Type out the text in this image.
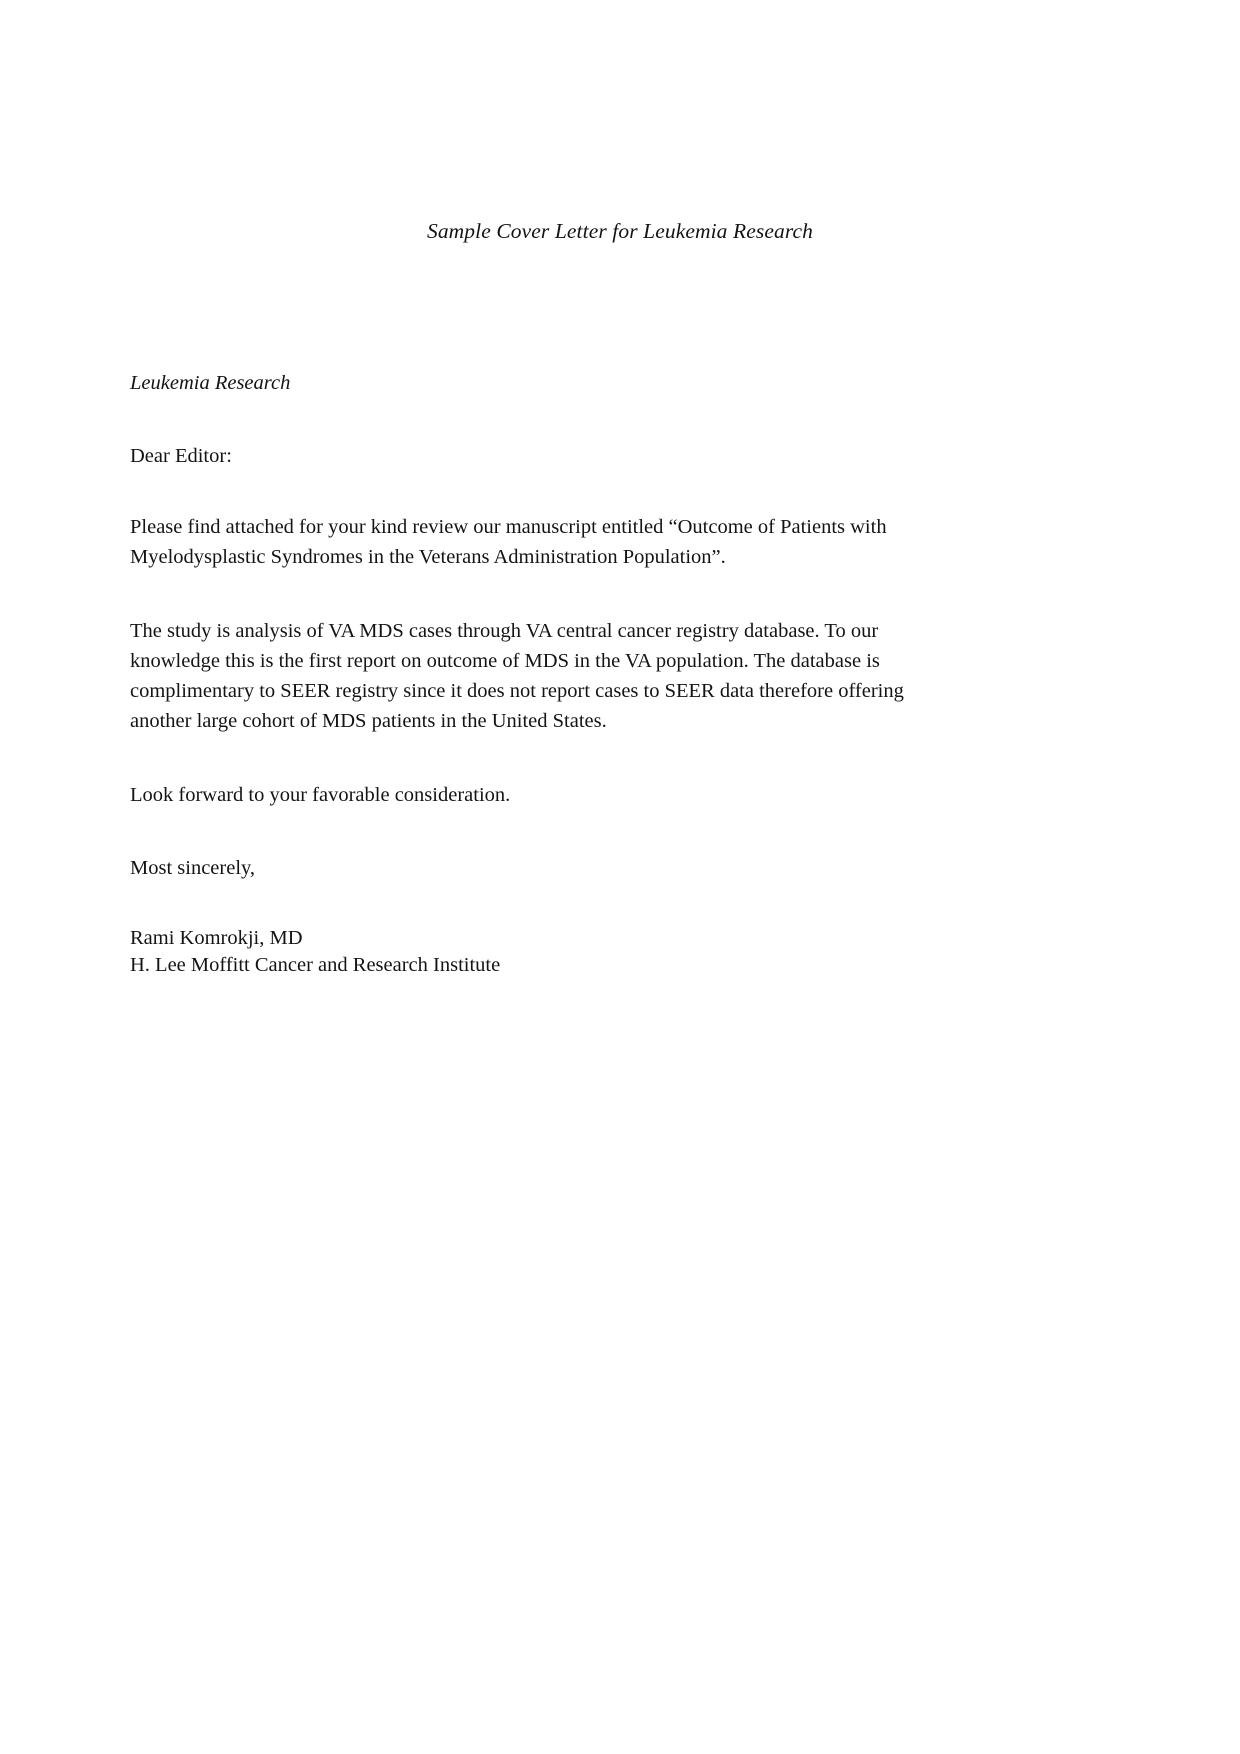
Sample Cover Letter for Leukemia Research
Leukemia Research
Dear Editor:

Please find attached for your kind review our manuscript entitled “Outcome of Patients with Myelodysplastic Syndromes in the Veterans Administration Population”.

The study is analysis of VA MDS cases through VA central cancer registry database. To our knowledge this is the first report on outcome of MDS in the VA population. The database is complimentary to SEER registry since it does not report cases to SEER data therefore offering another large cohort of MDS patients in the United States.

Look forward to your favorable consideration.

Most sincerely,
Rami Komrokji, MD
H. Lee Moffitt Cancer and Research Institute
